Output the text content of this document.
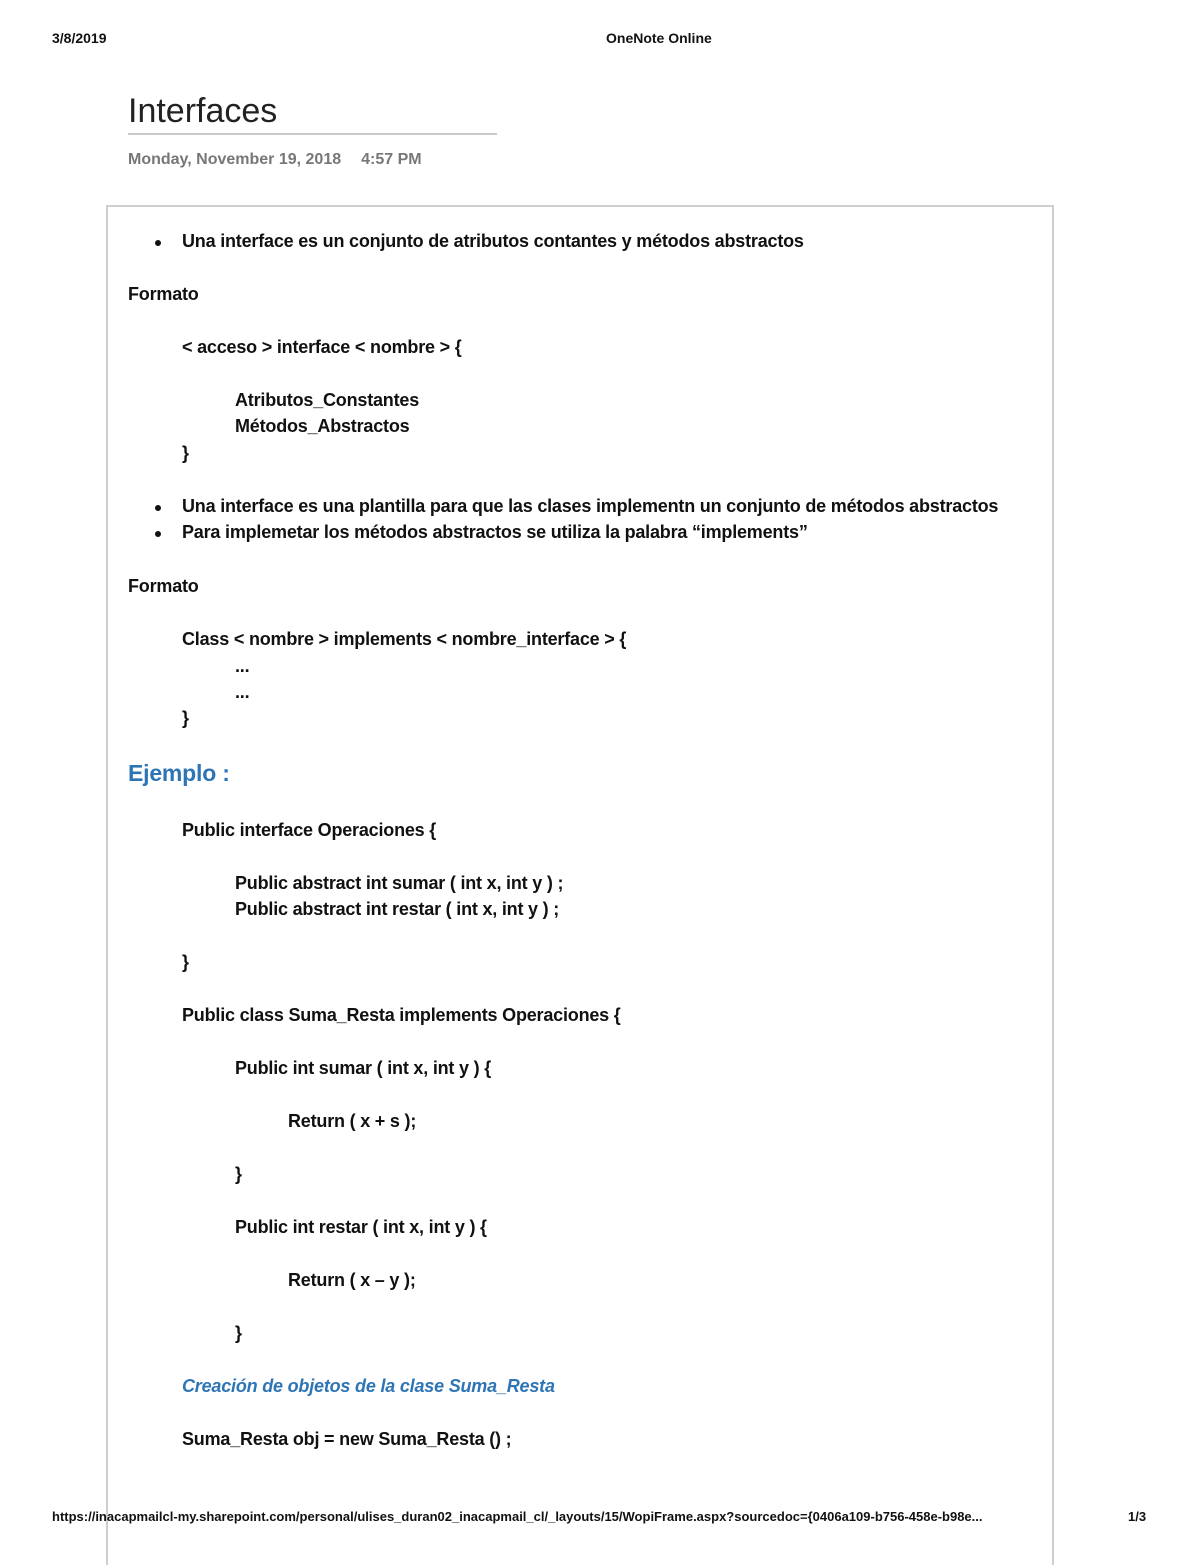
3/8/2019	OneNote Online
Interfaces
Monday, November 19, 2018 4:57 PM
Una interface es un conjunto de atributos contantes y métodos abstractos
Formato
< acceso > interface < nombre > {
Atributos_Constantes
Métodos_Abstractos
}
Una interface es una plantilla para que las clases implementn un conjunto de métodos abstractos
Para implemetar los métodos abstractos se utiliza la palabra “implements”
Formato
Class < nombre > implements < nombre_interface > {
...
...
}
Ejemplo :
Public interface Operaciones {
Public abstract int sumar ( int x, int y ) ;
Public abstract int restar ( int x, int y ) ;
}
Public class Suma_Resta implements Operaciones {
Public int sumar ( int x, int y ) {
Return ( x + s );
}
Public int restar ( int x, int y ) {
Return ( x – y );
}
Creación de objetos de la clase Suma_Resta
Suma_Resta obj = new Suma_Resta () ;
https://inacapmailcl-my.sharepoint.com/personal/ulises_duran02_inacapmail_cl/_layouts/15/WopiFrame.aspx?sourcedoc={0406a109-b756-458e-b98e...	1/3
